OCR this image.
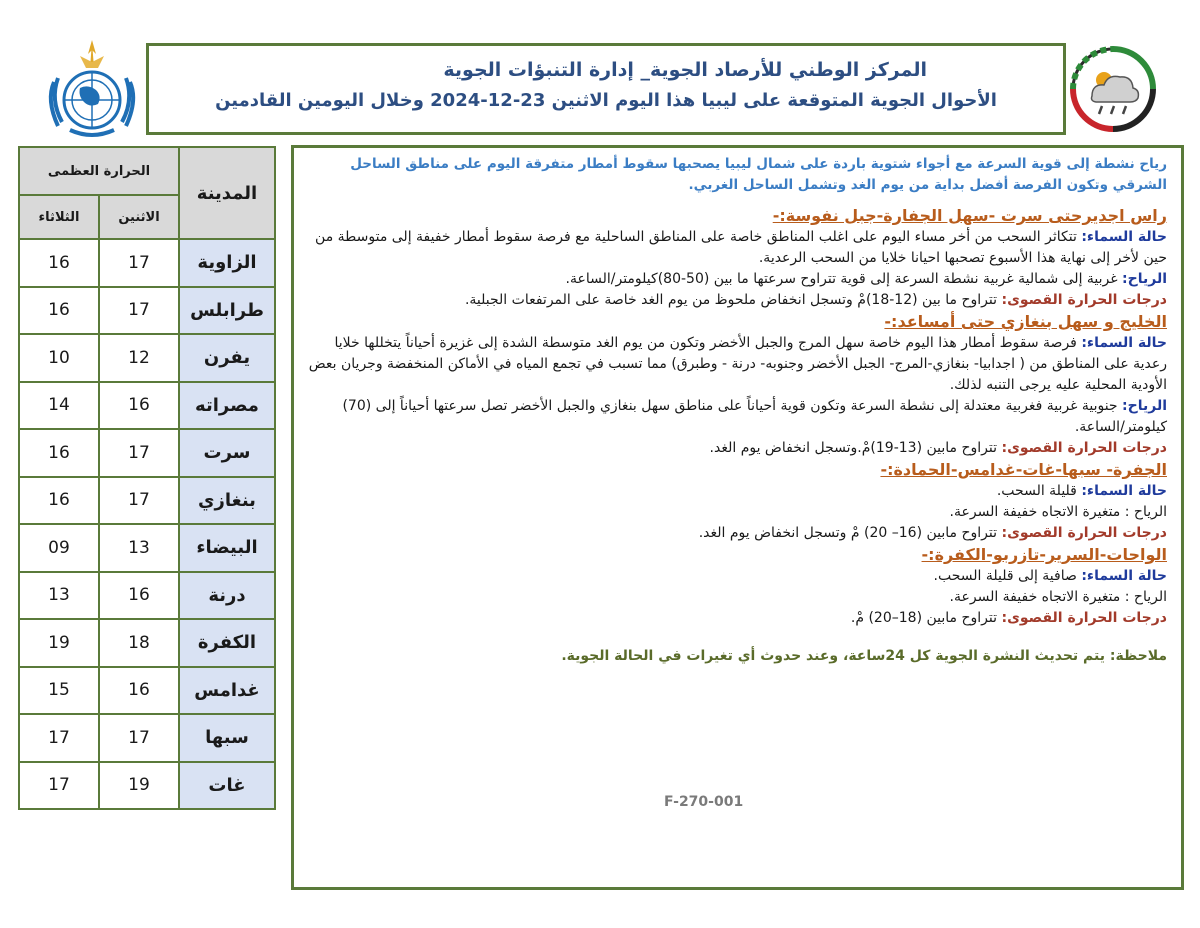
المركز الوطني للأرصاد الجوية_ إدارة التنبؤات الجوية
الأحوال الجوية المتوقعة على ليبيا هذا اليوم الاثنين 23-12-2024 وخلال اليومين القادمين
المدينة	الحرارة العظمى	
	الاثنين	الثلاثاء
الزاوية	17	16
طرابلس	17	16
يفرن	12	10
مصراته	16	14
سرت	17	16
بنغازي	17	16
البيضاء	13	09
درنة	16	13
الكفرة	18	19
غدامس	16	15
سبها	17	17
غات	19	17
رياح نشطة إلى قوية السرعة مع أجواء شتوية باردة على شمال ليبيا يصحبها سقوط أمطار متفرقة اليوم على مناطق الساحل الشرقي وتكون الفرصة أفضل بداية من يوم الغد وتشمل الساحل الغربي.
راس اجديرحتى سرت -سهل الجفارة-جبل نفوسة:-
حالة السماء: تتكاثر السحب من أخر مساء اليوم على اغلب المناطق خاصة على المناطق الساحلية مع فرصة سقوط أمطار خفيفة إلى متوسطة من حين لأخر إلى نهاية هذا الأسبوع تصحبها احيانا خلايا من السحب الرعدية.
الرياح: غربية إلى شمالية غربية نشطة السرعة إلى قوية تتراوح سرعتها ما بين (50-80)كيلومتر/الساعة.
درجات الحرارة القصوى: تتراوح ما بين (12-18)مْ وتسجل انخفاض ملحوظ من يوم الغد خاصة على المرتفعات الجبلية.
الخليج و سهل بنغازي حتى أمساعد:-
حالة السماء: فرصة سقوط أمطار هذا اليوم خاصة سهل المرج والجبل الأخضر وتكون من يوم الغد متوسطة الشدة إلى غزيرة أحياناً يتخللها خلايا رعدية على المناطق من ( اجدابيا- بنغازي-المرج- الجبل الأخضر وجنوبه- درنة - وطبرق) مما تسبب في تجمع المياه في الأماكن المنخفضة وجريان بعض الأودية المحلية عليه يرجى التنبه لذلك.
الرياح: جنوبية غربية فغربية معتدلة إلى نشطة السرعة وتكون قوية أحياناً على مناطق سهل بنغازي والجبل الأخضر تصل سرعتها أحياناً إلى (70) كيلومتر/الساعة.
درجات الحرارة القصوى: تتراوح مابين (13-19)مْ.وتسجل انخفاض يوم الغد.
الجفرة- سبها-غات-غدامس-الحمادة:-
حالة السماء: قليلة السحب.
الرياح : متغيرة الاتجاه خفيفة السرعة.
درجات الحرارة القصوى: تتراوح مابين (16– 20) مْ وتسجل انخفاض يوم الغد.
الواحات-السرير-تازربو-الكفرة:-
حالة السماء: صافية إلى قليلة السحب.
الرياح : متغيرة الاتجاه خفيفة السرعة.
درجات الحرارة القصوى: تتراوح مابين (18–20) مْ.
ملاحظة: يتم تحديث النشرة الجوية كل 24ساعة، وعند حدوث أي تغيرات في الحالة الجوية.
F-270-001
